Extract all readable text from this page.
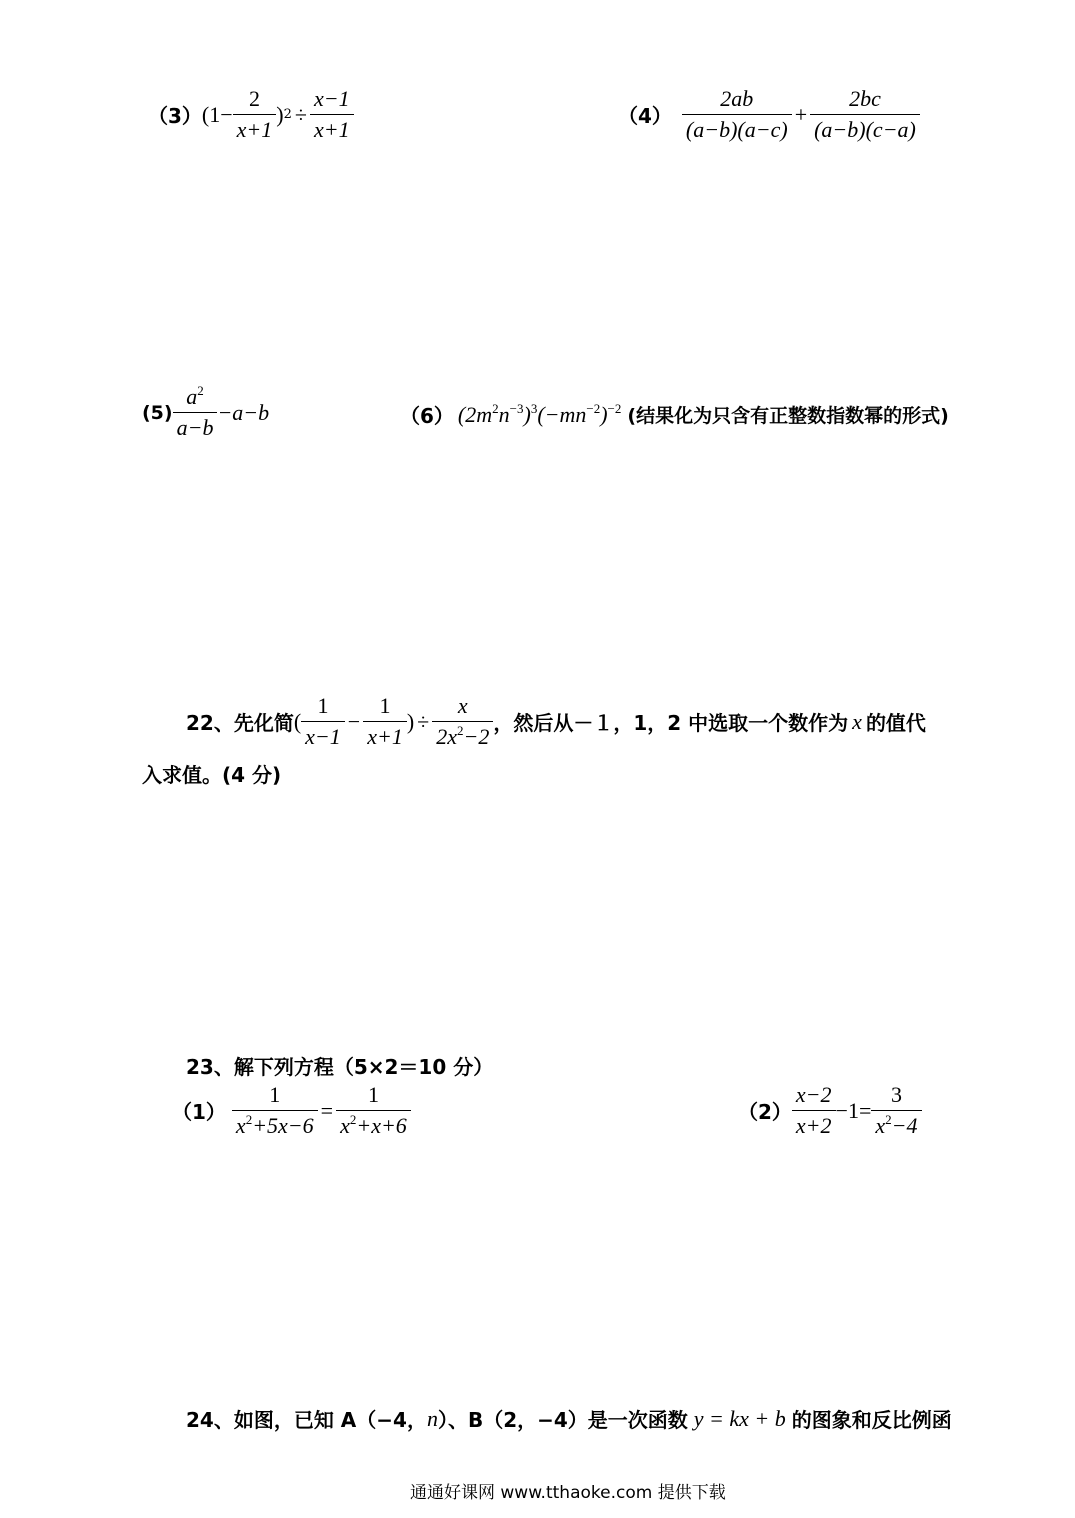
（3） ($1- \frac{2}{x+1}$ ) $2 \div \frac{x-1}{x+1}$	$(4) \frac{2ab}{(a-b)(a-c)} + \frac{2bc}{(a-b)(c-a)}$
$(5) \frac{a^2}{a-b} -a-b$	（6） $(2m^2n^{-3})^3(-mn^{-2})^{-2}$ (结果化为只含有正整数指数幂的形式)
22、先化简 ( $\frac{1}{x-1} - \frac{1}{x+1}$ ) ÷ $\frac{x}{2x^2-2}$ ，然后从－１，1，2 中选取一个数作为 x 的值代
入求值。(4 分)
23、解下列方程（5×2＝10 分）
$(1) \frac{1}{x^2+5x-6} = \frac{1}{x^2+x+6}$	$(2) \frac{x-2}{x+2} -1= \frac{3}{x^2-4}$
24、如图，已知 A（−4， n ）、B（2，−4）是一次函数 y = kx + b 的图象和反比例函
通通好课网 www.tthaoke.com 提供下载
